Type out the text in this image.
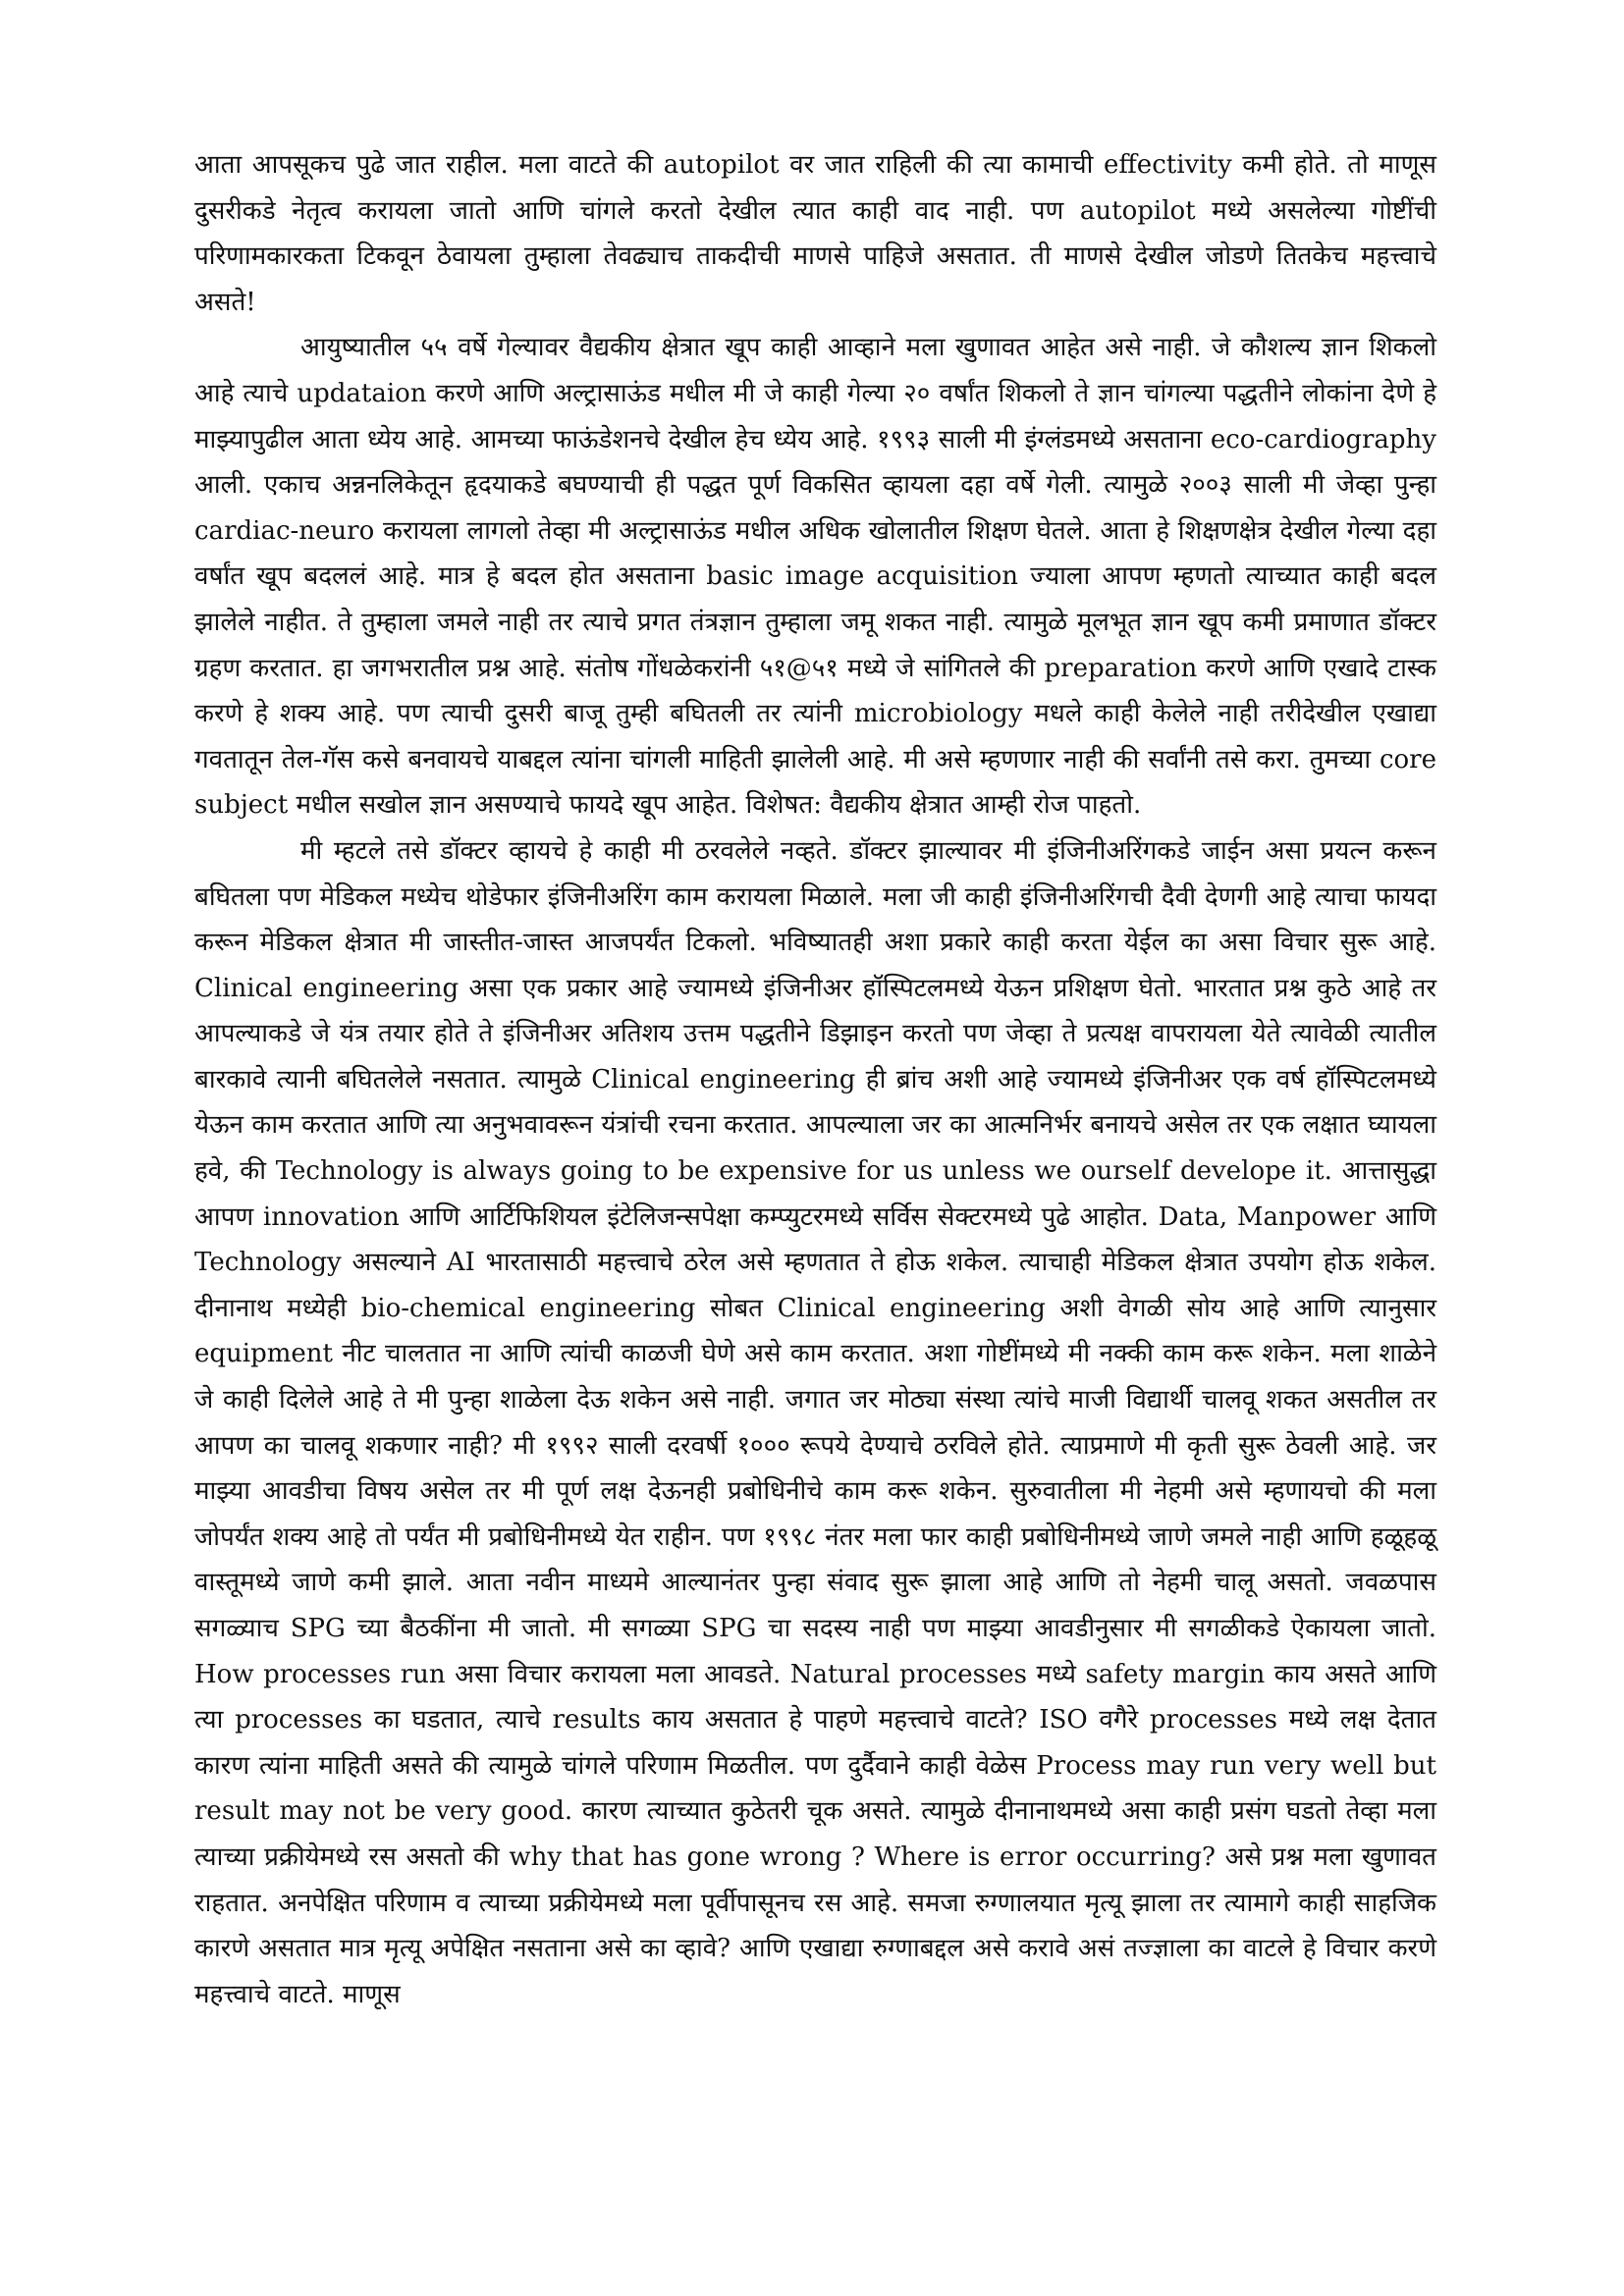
आता आपसूकच पुढे जात राहील. मला वाटते की autopilot वर जात राहिली की त्या कामाची effectivity कमी होते. तो माणूस दुसरीकडे नेतृत्व करायला जातो आणि चांगले करतो देखील त्यात काही वाद नाही. पण autopilot मध्ये असलेल्या गोष्टींची परिणामकारकता टिकवून ठेवायला तुम्हाला तेवढ्याच ताकदीची माणसे पाहिजे असतात. ती माणसे देखील जोडणे तितकेच महत्त्वाचे असते!

आयुष्यातील ५५ वर्षे गेल्यावर वैद्यकीय क्षेत्रात खूप काही आव्हाने मला खुणावत आहेत असे नाही. जे कौशल्य ज्ञान शिकलो आहे त्याचे updataion करणे आणि अल्ट्रासाऊंड मधील मी जे काही गेल्या २० वर्षांत शिकलो ते ज्ञान चांगल्या पद्धतीने लोकांना देणे हे माझ्यापुढील आता ध्येय आहे. आमच्या फाऊंडेशनचे देखील हेच ध्येय आहे. १९९३ साली मी इंग्लंडमध्ये असताना eco-cardiography आली. एकाच अन्ननलिकेतून हृदयाकडे बघण्याची ही पद्धत पूर्ण विकसित व्हायला दहा वर्षे गेली. त्यामुळे २००३ साली मी जेव्हा पुन्हा cardiac-neuro करायला लागलो तेव्हा मी अल्ट्रासाऊंड मधील अधिक खोलातील शिक्षण घेतले. आता हे शिक्षणक्षेत्र देखील गेल्या दहा वर्षांत खूप बदललं आहे. मात्र हे बदल होत असताना basic image acquisition ज्याला आपण म्हणतो त्याच्यात काही बदल झालेले नाहीत. ते तुम्हाला जमले नाही तर त्याचे प्रगत तंत्रज्ञान तुम्हाला जमू शकत नाही. त्यामुळे मूलभूत ज्ञान खूप कमी प्रमाणात डॉक्टर ग्रहण करतात. हा जगभरातील प्रश्न आहे. संतोष गोंधळेकरांनी ५१@५१ मध्ये जे सांगितले की preparation करणे आणि एखादे टास्क करणे हे शक्य आहे. पण त्याची दुसरी बाजू तुम्ही बघितली तर त्यांनी microbiology मधले काही केलेले नाही तरीदेखील एखाद्या गवतातून तेल-गॅस कसे बनवायचे याबद्दल त्यांना चांगली माहिती झालेली आहे. मी असे म्हणणार नाही की सर्वांनी तसे करा. तुमच्या core subject मधील सखोल ज्ञान असण्याचे फायदे खूप आहेत. विशेषत: वैद्यकीय क्षेत्रात आम्ही रोज पाहतो.

मी म्हटले तसे डॉक्टर व्हायचे हे काही मी ठरवलेले नव्हते. डॉक्टर झाल्यावर मी इंजिनीअरिंगकडे जाईन असा प्रयत्न करून बघितला पण मेडिकल मध्येच थोडेफार इंजिनीअरिंग काम करायला मिळाले. मला जी काही इंजिनीअरिंगची दैवी देणगी आहे त्याचा फायदा करून मेडिकल क्षेत्रात मी जास्तीत-जास्त आजपर्यंत टिकलो. भविष्यातही अशा प्रकारे काही करता येईल का असा विचार सुरू आहे. Clinical engineering असा एक प्रकार आहे ज्यामध्ये इंजिनीअर हॉस्पिटलमध्ये येऊन प्रशिक्षण घेतो. भारतात प्रश्न कुठे आहे तर आपल्याकडे जे यंत्र तयार होते ते इंजिनीअर अतिशय उत्तम पद्धतीने डिझाइन करतो पण जेव्हा ते प्रत्यक्ष वापरायला येते त्यावेळी त्यातील बारकावे त्यानी बघितलेले नसतात. त्यामुळे Clinical engineering ही ब्रांच अशी आहे ज्यामध्ये इंजिनीअर एक वर्ष हॉस्पिटलमध्ये येऊन काम करतात आणि त्या अनुभवावरून यंत्रांची रचना करतात. आपल्याला जर का आत्मनिर्भर बनायचे असेल तर एक लक्षात घ्यायला हवे, की Technology is always going to be expensive for us unless we ourself develope it. आत्तासुद्धा आपण innovation आणि आर्टिफिशियल इंटेलिजन्सपेक्षा कम्प्युटरमध्ये सर्विस सेक्टरमध्ये पुढे आहोत. Data, Manpower आणि Technology असल्याने AI भारतासाठी महत्त्वाचे ठरेल असे म्हणतात ते होऊ शकेल. त्याचाही मेडिकल क्षेत्रात उपयोग होऊ शकेल. दीनानाथ मध्येही bio-chemical engineering सोबत Clinical engineering अशी वेगळी सोय आहे आणि त्यानुसार equipment नीट चालतात ना आणि त्यांची काळजी घेणे असे काम करतात. अशा गोष्टींमध्ये मी नक्की काम करू शकेन. मला शाळेने जे काही दिलेले आहे ते मी पुन्हा शाळेला देऊ शकेन असे नाही. जगात जर मोठ्या संस्था त्यांचे माजी विद्यार्थी चालवू शकत असतील तर आपण का चालवू शकणार नाही? मी १९९२ साली दरवर्षी १००० रूपये देण्याचे ठरविले होते. त्याप्रमाणे मी कृती सुरू ठेवली आहे. जर माझ्या आवडीचा विषय असेल तर मी पूर्ण लक्ष देऊनही प्रबोधिनीचे काम करू शकेन. सुरुवातीला मी नेहमी असे म्हणायचो की मला जोपर्यंत शक्य आहे तो पर्यंत मी प्रबोधिनीमध्ये येत राहीन. पण १९९८ नंतर मला फार काही प्रबोधिनीमध्ये जाणे जमले नाही आणि हळूहळू वास्तूमध्ये जाणे कमी झाले. आता नवीन माध्यमे आल्यानंतर पुन्हा संवाद सुरू झाला आहे आणि तो नेहमी चालू असतो. जवळपास सगळ्याच SPG च्या बैठकींना मी जातो. मी सगळ्या SPG चा सदस्य नाही पण माझ्या आवडीनुसार मी सगळीकडे ऐकायला जातो. How processes run असा विचार करायला मला आवडते. Natural processes मध्ये safety margin काय असते आणि त्या processes का घडतात, त्याचे results काय असतात हे पाहणे महत्त्वाचे वाटते? ISO वगैरे processes मध्ये लक्ष देतात कारण त्यांना माहिती असते की त्यामुळे चांगले परिणाम मिळतील. पण दुर्दैवाने काही वेळेस Process may run very well but result may not be very good. कारण त्याच्यात कुठेतरी चूक असते. त्यामुळे दीनानाथमध्ये असा काही प्रसंग घडतो तेव्हा मला त्याच्या प्रक्रीयेमध्ये रस असतो की why that has gone wrong ? Where is error occurring? असे प्रश्न मला खुणावत राहतात. अनपेक्षित परिणाम व त्याच्या प्रक्रीयेमध्ये मला पूर्वीपासूनच रस आहे. समजा रुग्णालयात मृत्यू झाला तर त्यामागे काही साहजिक कारणे असतात मात्र मृत्यू अपेक्षित नसताना असे का व्हावे? आणि एखाद्या रुग्णाबद्दल असे करावे असं तज्ज्ञाला का वाटले हे विचार करणे महत्त्वाचे वाटते. माणूस
